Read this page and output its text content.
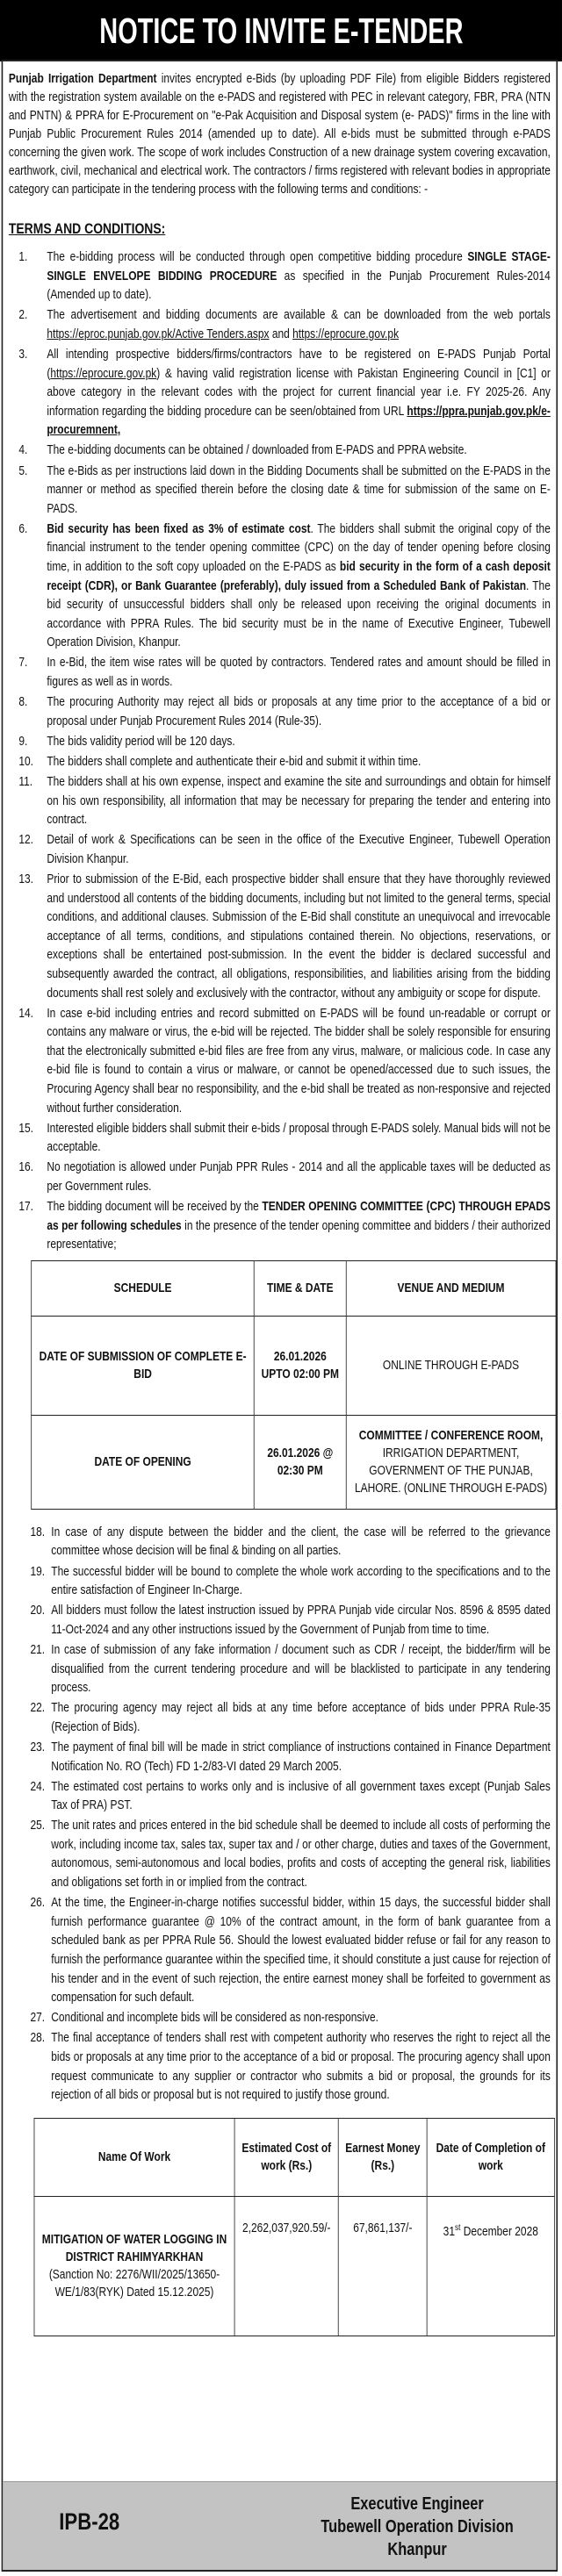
NOTICE TO INVITE E-TENDER

Punjab Irrigation Department invites encrypted e-Bids (by uploading PDF File) from eligible Bidders registered with the registration system available on the e-PADS and registered with PEC in relevant category, FBR, PRA (NTN and PNTN) & PPRA for E-Procurement on "e-Pak Acquisition and Disposal system (e- PADS)" firms in the line with Punjab Public Procurement Rules 2014 (amended up to date). All e-bids must be submitted through e-PADS concerning the given work. The scope of work includes Construction of a new drainage system covering excavation, earthwork, civil, mechanical and electrical work. The contractors / firms registered with relevant bodies in appropriate category can participate in the tendering process with the following terms and conditions: -

TERMS AND CONDITIONS:
1. The e-bidding process will be conducted through open competitive bidding procedure SINGLE STAGE-SINGLE ENVELOPE BIDDING PROCEDURE as specified in the Punjab Procurement Rules-2014 (Amended up to date).
2. The advertisement and bidding documents are available & can be downloaded from the web portals https://eproc.punjab.gov.pk/Active Tenders.aspx and https://eprocure.gov.pk
3. All intending prospective bidders/firms/contractors have to be registered on E-PADS Punjab Portal (https://eprocure.gov.pk) & having valid registration license with Pakistan Engineering Council in [C1] or above category in the relevant codes with the project for current financial year i.e. FY 2025-26. Any information regarding the bidding procedure can be seen/obtained from URL https://ppra.punjab.gov.pk/e-procuremnent,
4. The e-bidding documents can be obtained / downloaded from E-PADS and PPRA website.
5. The e-Bids as per instructions laid down in the Bidding Documents shall be submitted on the E-PADS in the manner or method as specified therein before the closing date & time for submission of the same on E-PADS.
6. Bid security has been fixed as 3% of estimate cost. The bidders shall submit the original copy of the financial instrument to the tender opening committee (CPC) on the day of tender opening before closing time, in addition to the soft copy uploaded on the E-PADS as bid security in the form of a cash deposit receipt (CDR), or Bank Guarantee (preferably), duly issued from a Scheduled Bank of Pakistan. The bid security of unsuccessful bidders shall only be released upon receiving the original documents in accordance with PPRA Rules. The bid security must be in the name of Executive Engineer, Tubewell Operation Division, Khanpur.
7. In e-Bid, the item wise rates will be quoted by contractors. Tendered rates and amount should be filled in figures as well as in words.
8. The procuring Authority may reject all bids or proposals at any time prior to the acceptance of a bid or proposal under Punjab Procurement Rules 2014 (Rule-35).
9. The bids validity period will be 120 days.
10. The bidders shall complete and authenticate their e-bid and submit it within time.
11. The bidders shall at his own expense, inspect and examine the site and surroundings and obtain for himself on his own responsibility, all information that may be necessary for preparing the tender and entering into contract.
12. Detail of work & Specifications can be seen in the office of the Executive Engineer, Tubewell Operation Division Khanpur.
13. Prior to submission of the E-Bid, each prospective bidder shall ensure that they have thoroughly reviewed and understood all contents of the bidding documents, including but not limited to the general terms, special conditions, and additional clauses. Submission of the E-Bid shall constitute an unequivocal and irrevocable acceptance of all terms, conditions, and stipulations contained therein. No objections, reservations, or exceptions shall be entertained post-submission. In the event the bidder is declared successful and subsequently awarded the contract, all obligations, responsibilities, and liabilities arising from the bidding documents shall rest solely and exclusively with the contractor, without any ambiguity or scope for dispute.
14. In case e-bid including entries and record submitted on E-PADS will be found un-readable or corrupt or contains any malware or virus, the e-bid will be rejected. The bidder shall be solely responsible for ensuring that the electronically submitted e-bid files are free from any virus, malware, or malicious code. In case any e-bid file is found to contain a virus or malware, or cannot be opened/accessed due to such issues, the Procuring Agency shall bear no responsibility, and the e-bid shall be treated as non-responsive and rejected without further consideration.
15. Interested eligible bidders shall submit their e-bids / proposal through E-PADS solely. Manual bids will not be acceptable.
16. No negotiation is allowed under Punjab PPR Rules - 2014 and all the applicable taxes will be deducted as per Government rules.
17. The bidding document will be received by the TENDER OPENING COMMITTEE (CPC) THROUGH EPADS as per following schedules in the presence of the tender opening committee and bidders / their authorized representative;
SCHEDULE	TIME & DATE	VENUE AND MEDIUM
DATE OF SUBMISSION OF COMPLETE E-BID	26.01.2026 UPTO 02:00 PM	ONLINE THROUGH E-PADS
DATE OF OPENING	26.01.2026 @ 02:30 PM	COMMITTEE / CONFERENCE ROOM,
IRRIGATION DEPARTMENT, GOVERNMENT OF THE PUNJAB, LAHORE. (ONLINE THROUGH E-PADS)
18. In case of any dispute between the bidder and the client, the case will be referred to the grievance committee whose decision will be final & binding on all parties.
19. The successful bidder will be bound to complete the whole work according to the specifications and to the entire satisfaction of Engineer In-Charge.
20. All bidders must follow the latest instruction issued by PPRA Punjab vide circular Nos. 8596 & 8595 dated 11-Oct-2024 and any other instructions issued by the Government of Punjab from time to time.
21. In case of submission of any fake information / document such as CDR / receipt, the bidder/firm will be disqualified from the current tendering procedure and will be blacklisted to participate in any tendering process.
22. The procuring agency may reject all bids at any time before acceptance of bids under PPRA Rule-35 (Rejection of Bids).
23. The payment of final bill will be made in strict compliance of instructions contained in Finance Department Notification No. RO (Tech) FD 1-2/83-VI dated 29 March 2005.
24. The estimated cost pertains to works only and is inclusive of all government taxes except (Punjab Sales Tax of PRA) PST.
25. The unit rates and prices entered in the bid schedule shall be deemed to include all costs of performing the work, including income tax, sales tax, super tax and / or other charge, duties and taxes of the Government, autonomous, semi-autonomous and local bodies, profits and costs of accepting the general risk, liabilities and obligations set forth in or implied from the contract.
26. At the time, the Engineer-in-charge notifies successful bidder, within 15 days, the successful bidder shall furnish performance guarantee @ 10% of the contract amount, in the form of bank guarantee from a scheduled bank as per PPRA Rule 56. Should the lowest evaluated bidder refuse or fail for any reason to furnish the performance guarantee within the specified time, it should constitute a just cause for rejection of his tender and in the event of such rejection, the entire earnest money shall be forfeited to government as compensation for such default.
27. Conditional and incomplete bids will be considered as non-responsive.
28. The final acceptance of tenders shall rest with competent authority who reserves the right to reject all the bids or proposals at any time prior to the acceptance of a bid or proposal. The procuring agency shall upon request communicate to any supplier or contractor who submits a bid or proposal, the grounds for its rejection of all bids or proposal but is not required to justify those ground.
Name Of Work	Estimated Cost of work (Rs.)	Earnest Money (Rs.)	Date of Completion of work

MITIGATION OF WATER LOGGING IN DISTRICT RAHIMYARKHAN
(Sanction No: 2276/WII/2025/13650-WE/1/83(RYK) Dated 15.12.2025)	2,262,037,920.59/-	67,861,137/-	31st December 2028
IPB-28
Executive Engineer
Tubewell Operation Division
Khanpur
